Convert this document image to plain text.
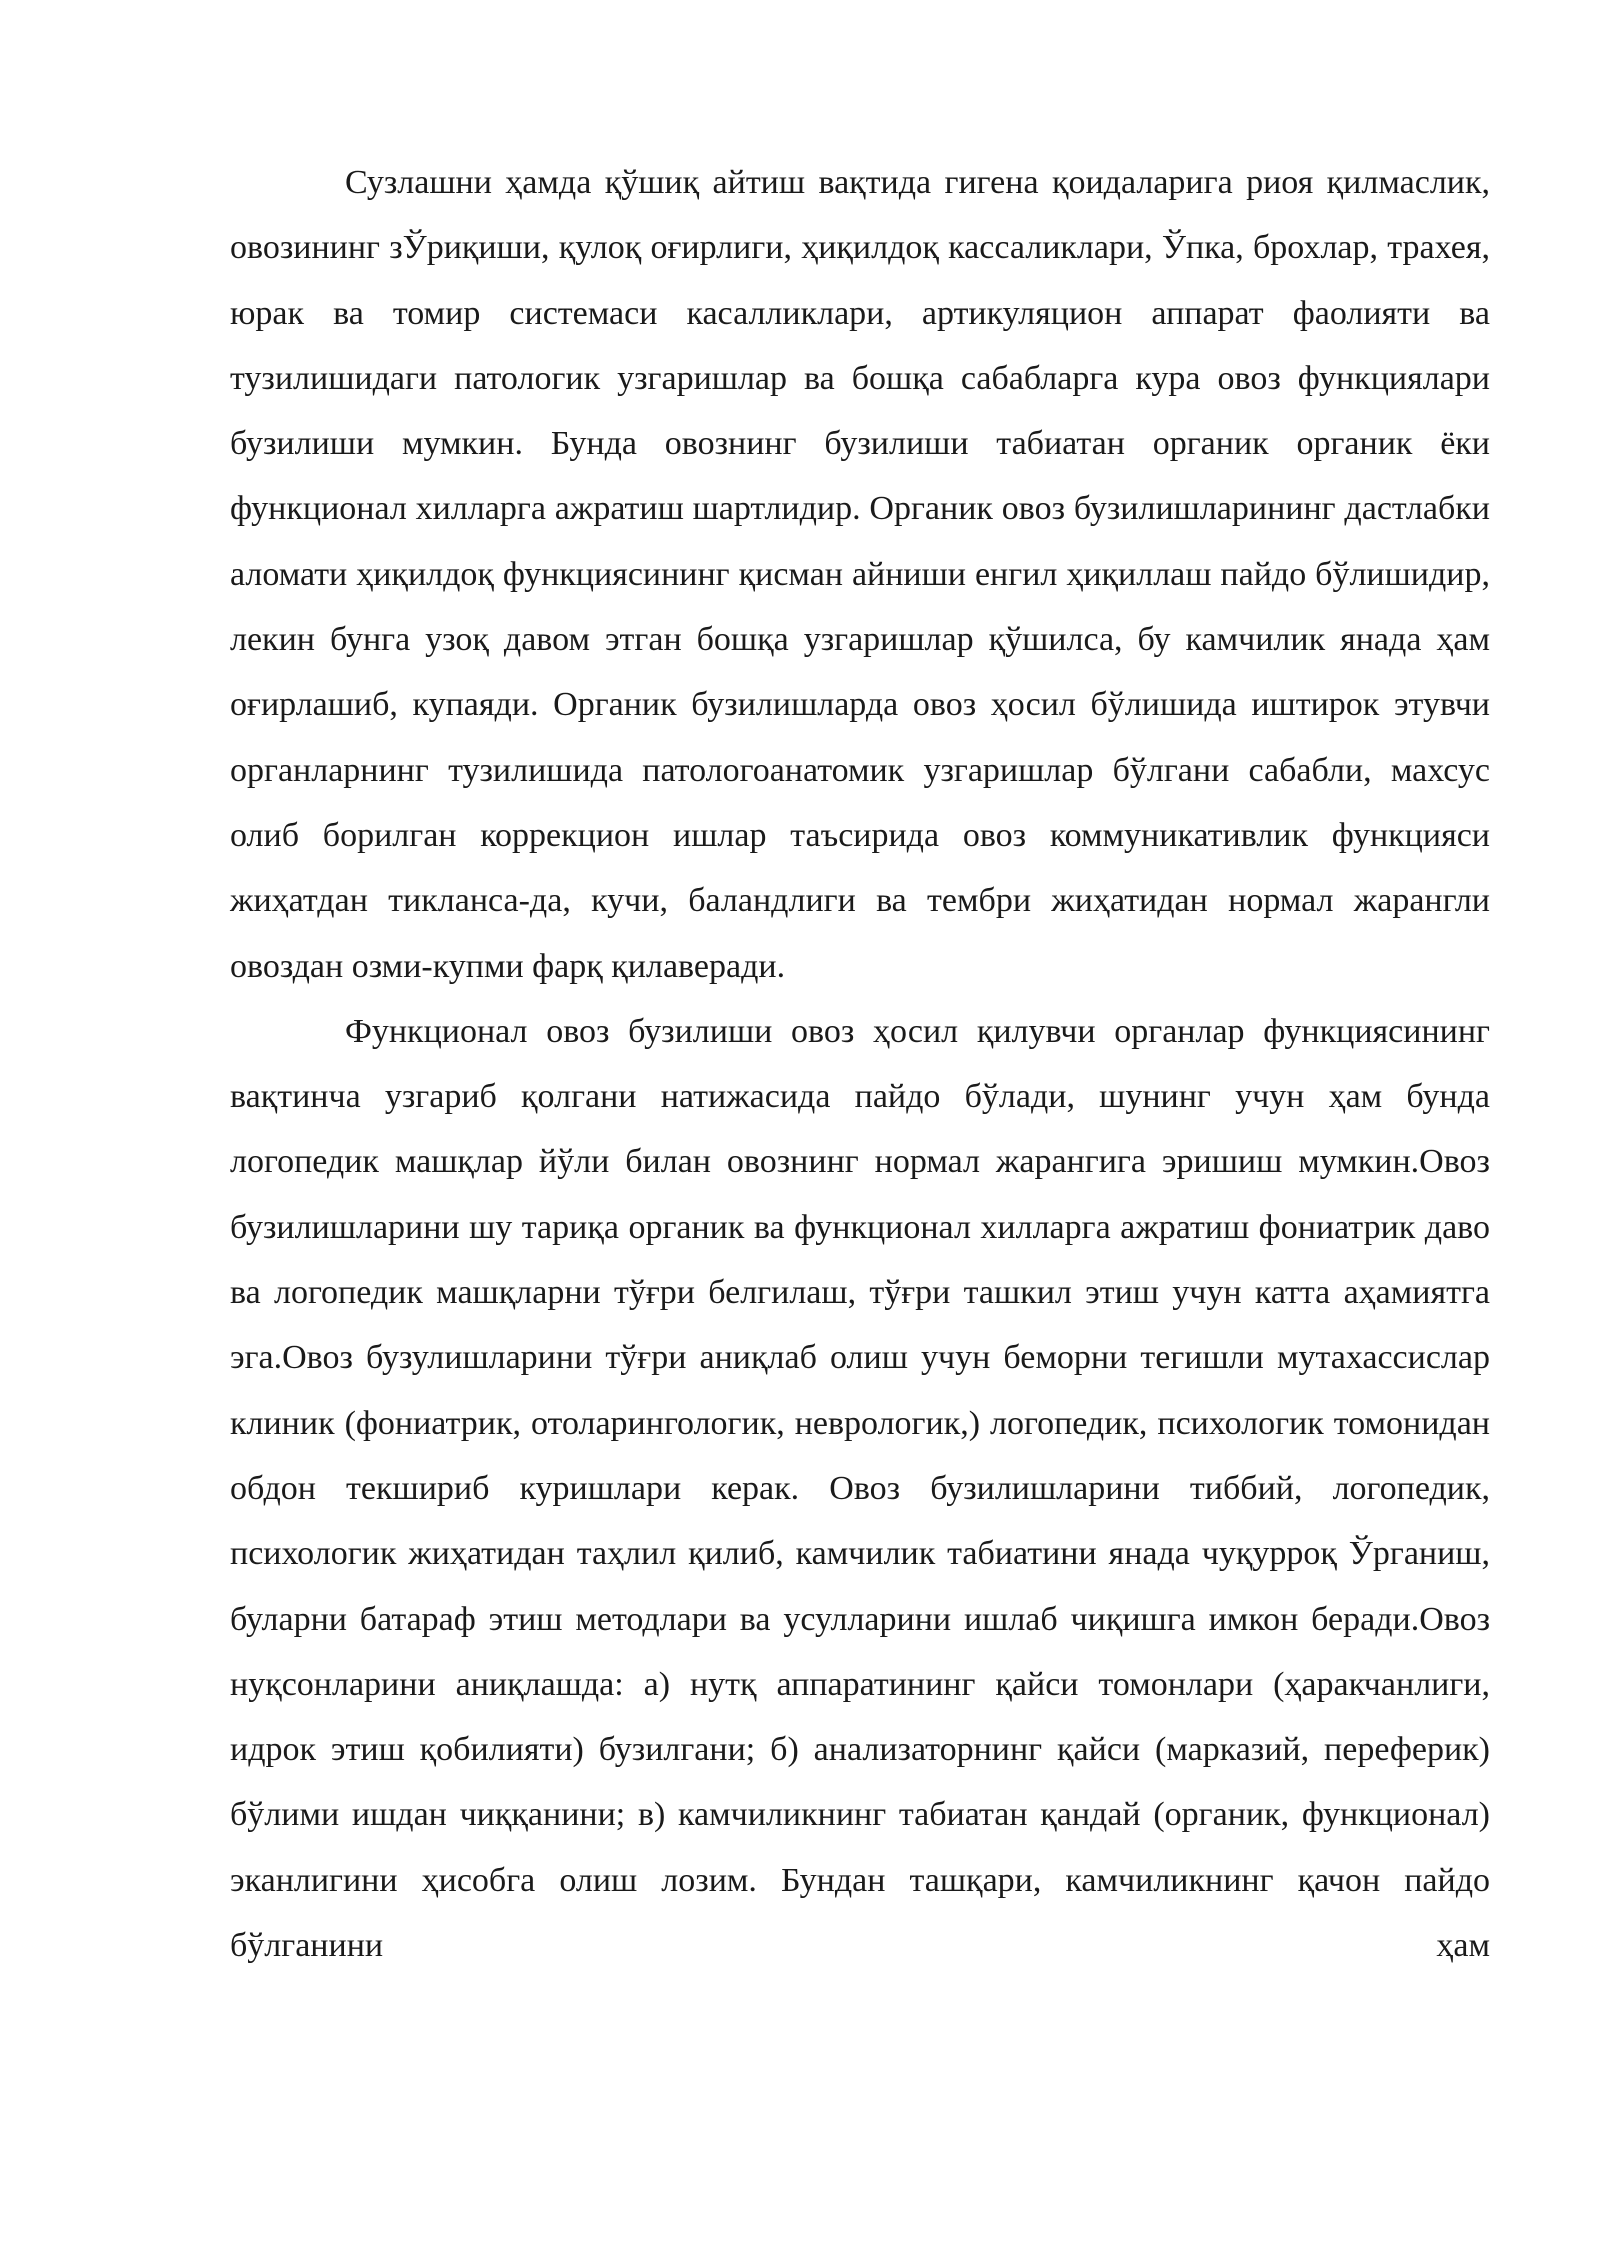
Сузлашни ҳамда қўшиқ айтиш вақтида гигена қоидаларига риоя қилмаслик, овозининг зЎриқиши, қулоқ оғирлиги, ҳиқилдоқ кассаликлари, Ўпка, брохлар, трахея, юрак ва томир системаси касалликлари, артикуляцион аппарат фаолияти ва тузилишидаги патологик узгаришлар ва бошқа сабабларга кура овоз функциялари бузилиши мумкин. Бунда овознинг бузилиши табиатан органик органик ёки функционал хилларга ажратиш шартлидир. Органик овоз бузилишларининг дастлабки аломати ҳиқилдоқ функциясининг қисман айниши енгил ҳиқиллаш пайдо бўлишидир, лекин бунга узоқ давом этган бошқа узгаришлар қўшилса, бу камчилик янада ҳам оғирлашиб, купаяди. Органик бузилишларда овоз ҳосил бўлишида иштирок этувчи органларнинг тузилишида патологоанатомик узгаришлар бўлгани сабабли, махсус олиб борилган коррекцион ишлар таъсирида овоз коммуникативлик функцияси жиҳатдан тикланса-да, кучи, баландлиги ва тембри жиҳатидан нормал жарангли овоздан озми-купми фарқ қилаверади.

Функционал овоз бузилиши овоз ҳосил қилувчи органлар функциясининг вақтинча узгариб қолгани натижасида пайдо бўлади, шунинг учун ҳам бунда логопедик машқлар йўли билан овознинг нормал жарангига эришиш мумкин.Овоз бузилишларини шу тариқа органик ва функционал хилларга ажратиш фониатрик даво ва логопедик машқларни тўғри белгилаш, тўғри ташкил этиш учун катта аҳамиятга эга.Овоз бузулишларини тўғри аниқлаб олиш учун беморни тегишли мутахассислар клиник (фониатрик, отоларингологик, неврологик,) логопедик, психологик томонидан обдон текшириб куришлари керак. Овоз бузилишларини тиббий, логопедик, психологик жиҳатидан таҳлил қилиб, камчилик табиатини янада чуқурроқ Ўрганиш, буларни батараф этиш методлари ва усулларини ишлаб чиқишга имкон беради.Овоз нуқсонларини аниқлашда: а) нутқ аппаратининг қайси томонлари (ҳаракчанлиги, идрок этиш қобилияти) бузилгани; б) анализаторнинг қайси (марказий, переферик) бўлими ишдан чиққанини; в) камчиликнинг табиатан қандай (органик, функционал) эканлигини ҳисобга олиш лозим. Бундан ташқари, камчиликнинг қачон пайдо бўлганини ҳам
